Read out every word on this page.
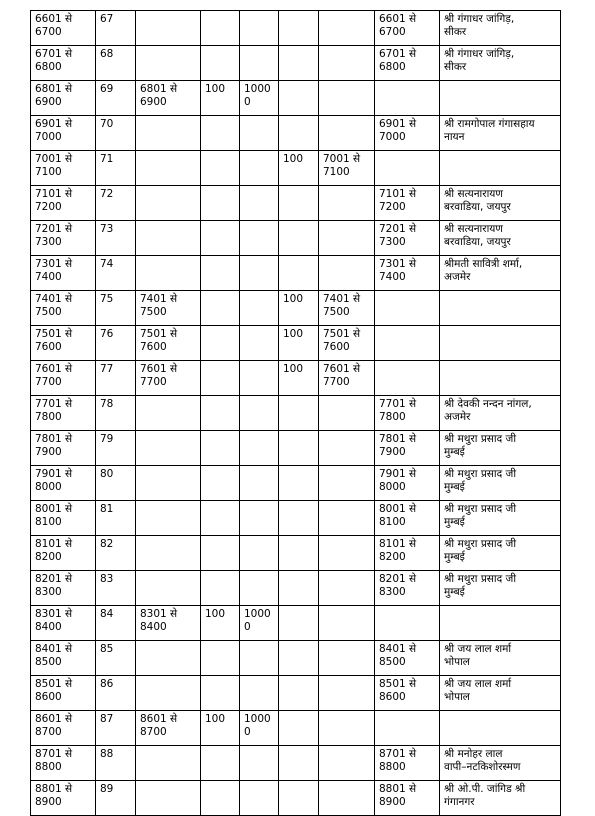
6601 से
6700	67						6601 से
6700	श्री गंगाधर जांगिड़,
सीकर
6701 से
6800	68						6701 से
6800	श्री गंगाधर जांगिड़,
सीकर
6801 से
6900	69	6801 से
6900	100	1000
0				
6901 से
7000	70						6901 से
7000	श्री रामगोपाल गंगासहाय
नायन
7001 से
7100	71				100	7001 से
7100		
7101 से
7200	72						7101 से
7200	श्री सत्यनारायण
बरवाडिया, जयपुर
7201 से
7300	73						7201 से
7300	श्री सत्यनारायण
बरवाडिया, जयपुर
7301 से
7400	74						7301 से
7400	श्रीमती सावित्री शर्मा,
अजमेर
7401 से
7500	75	7401 से
7500			100	7401 से
7500		
7501 से
7600	76	7501 से
7600			100	7501 से
7600		
7601 से
7700	77	7601 से
7700			100	7601 से
7700		
7701 से
7800	78						7701 से
7800	श्री देवकी नन्दन नांगल,
अजमेर
7801 से
7900	79						7801 से
7900	श्री मथुरा प्रसाद जी
मुम्बई
7901 से
8000	80						7901 से
8000	श्री मथुरा प्रसाद जी
मुम्बई
8001 से
8100	81						8001 से
8100	श्री मथुरा प्रसाद जी
मुम्बई
8101 से
8200	82						8101 से
8200	श्री मथुरा प्रसाद जी
मुम्बई
8201 से
8300	83						8201 से
8300	श्री मथुरा प्रसाद जी
मुम्बई
8301 से
8400	84	8301 से
8400	100	1000
0				
8401 से
8500	85						8401 से
8500	श्री जय लाल शर्मा
भोपाल
8501 से
8600	86						8501 से
8600	श्री जय लाल शर्मा
भोपाल
8601 से
8700	87	8601 से
8700	100	1000
0				
8701 से
8800	88						8701 से
8800	श्री मनोहर लाल
वापी–नटकिशोरस्मण
8801 से
8900	89						8801 से
8900	श्री ओ.पी. जांगिड श्री
गंगानगर
